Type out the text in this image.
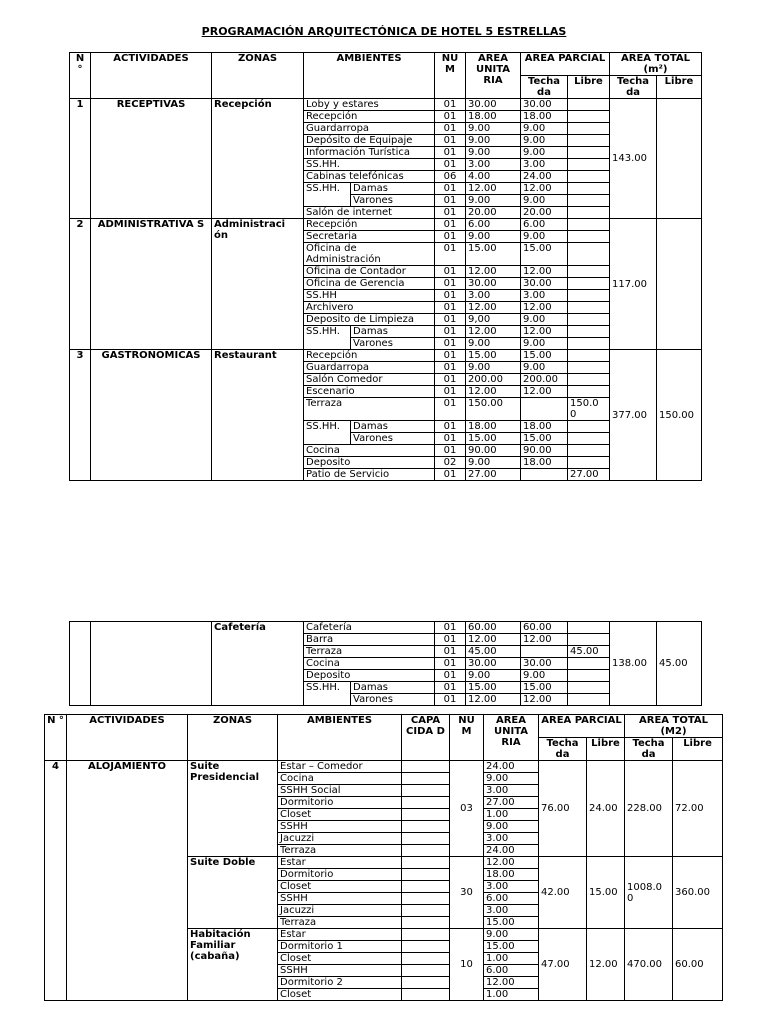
PROGRAMACIÓN ARQUITECTÓNICA DE HOTEL 5 ESTRELLAS
N °	ACTIVIDADES	ZONAS	AMBIENTES		NU M	AREA UNITA RIA	AREA PARCIAL		AREA TOTAL (m²)	
							Techa da	Libre	Techa da	Libre
1	RECEPTIVAS	Recepción	Loby y estares		01	30.00	30.00		143.00	
			Recepción		01	18.00	18.00			
			Guardarropa		01	9.00	9.00			
			Depósito de Equipaje		01	9.00	9.00			
			Información Turística		01	9.00	9.00			
			SS.HH.		01	3.00	3.00			
			Cabinas telefónicas		06	4.00	24.00			
			SS.HH.	Damas	01	12.00	12.00			
				Varones	01	9.00	9.00			
			Salón de internet		01	20.00	20.00			
2	ADMINISTRATIVA S	Administraci ón	Recepción		01	6.00	6.00		117.00	
			Secretaria		01	9.00	9.00			
			Oficina de Administración		01	15.00	15.00			
			Oficina de Contador		01	12.00	12.00			
			Oficina de Gerencia		01	30.00	30.00			
			SS.HH		01	3.00	3.00			
			Archivero		01	12.00	12.00			
			Deposito de Limpieza		01	9,00	9.00			
			SS.HH.	Damas	01	12.00	12.00			
				Varones	01	9.00	9.00			
3	GASTRONOMICAS	Restaurant	Recepción		01	15.00	15.00		377.00	150.00
			Guardarropa		01	9.00	9.00			
			Salón Comedor		01	200.00	200.00			
			Escenario		01	12.00	12.00			
			Terraza		01	150.00		150.0 0		
			SS.HH.	Damas	01	18.00	18.00			
				Varones	01	15.00	15.00			
			Cocina		01	90.00	90.00			
			Deposito		02	9.00	18.00			
			Patio de Servicio		01	27.00		27.00		
		Cafetería	Cafetería		01	60.00	60.00		138.00	45.00
			Barra		01	12.00	12.00			
			Terraza		01	45.00		45.00		
			Cocina		01	30.00	30.00			
			Deposito		01	9.00	9.00			
			SS.HH.	Damas	01	15.00	15.00			
				Varones	01	12.00	12.00			
N °	ACTIVIDADES	ZONAS	AMBIENTES	CAPA CIDA D	NU M	AREA UNITA RIA	AREA PARCIAL		AREA TOTAL (M2)	
							Techa da	Libre	Techa da	Libre
4	ALOJAMIENTO	Suite Presidencial	Estar – Comedor		03	24.00	76.00	24.00	228.00	72.00
			Cocina			9.00				
			SSHH Social			3.00				
			Dormitorio			27.00				
			Closet			1.00				
			SSHH			9.00				
			Jacuzzi			3.00				
			Terraza			24.00				
		Suite Doble	Estar		30	12.00	42.00	15.00	1008.0 0	360.00
			Dormitorio			18.00				
			Closet			3.00				
			SSHH			6.00				
			Jacuzzi			3.00				
			Terraza			15.00				
		Habitación Familiar (cabaña)	Estar		10	9.00	47.00	12.00	470.00	60.00
			Dormitorio 1			15.00				
			Closet			1.00				
			SSHH			6.00				
			Dormitorio 2			12.00				
			Closet			1.00				
